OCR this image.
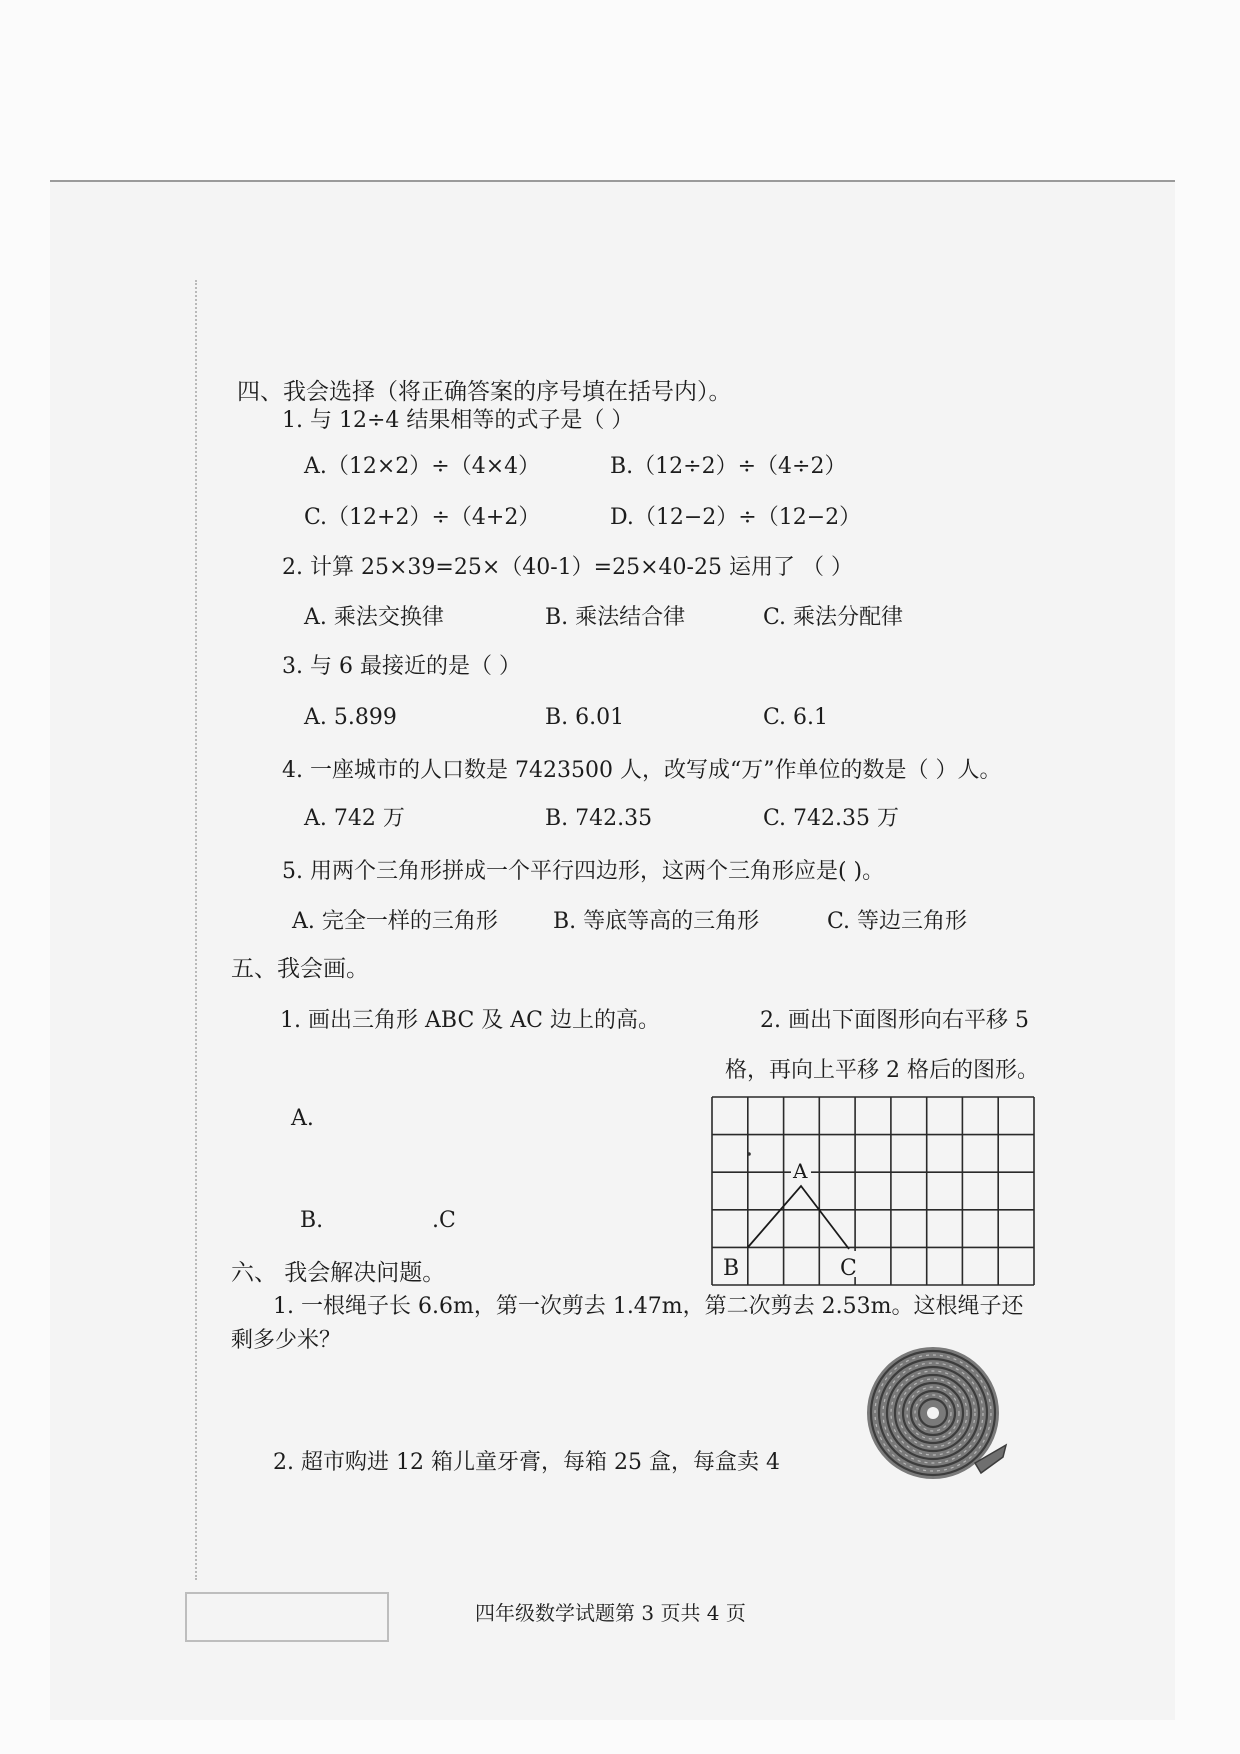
四、我会选择（将正确答案的序号填在括号内）。
1. 与 12÷4 结果相等的式子是（ ）
A.（12×2）÷（4×4）	B.（12÷2）÷（4÷2）
C.（12+2）÷（4+2）	D.（12−2）÷（12−2）
2. 计算 25×39=25×（40-1）=25×40-25 运用了 （ ）
A. 乘法交换律	B. 乘法结合律	C. 乘法分配律
3. 与 6 最接近的是（ ）
A. 5.899	B. 6.01	C. 6.1
4. 一座城市的人口数是 7423500 人，改写成“万”作单位的数是（ ）人。
A. 742 万	B. 742.35	C. 742.35 万
5. 用两个三角形拼成一个平行四边形，这两个三角形应是( )。
A. 完全一样的三角形	B. 等底等高的三角形	C. 等边三角形
五、我会画。
1. 画出三角形 ABC 及 AC 边上的高。	2. 画出下面图形向右平移 5
格，再向上平移 2 格后的图形。
A.
B.	.C
A
B	C
六、 我会解决问题。
1. 一根绳子长 6.6m，第一次剪去 1.47m，第二次剪去 2.53m。这根绳子还
剩多少米？
2. 超市购进 12 箱儿童牙膏，每箱 25 盒，每盒卖 4
四年级数学试题第 3 页共 4 页
